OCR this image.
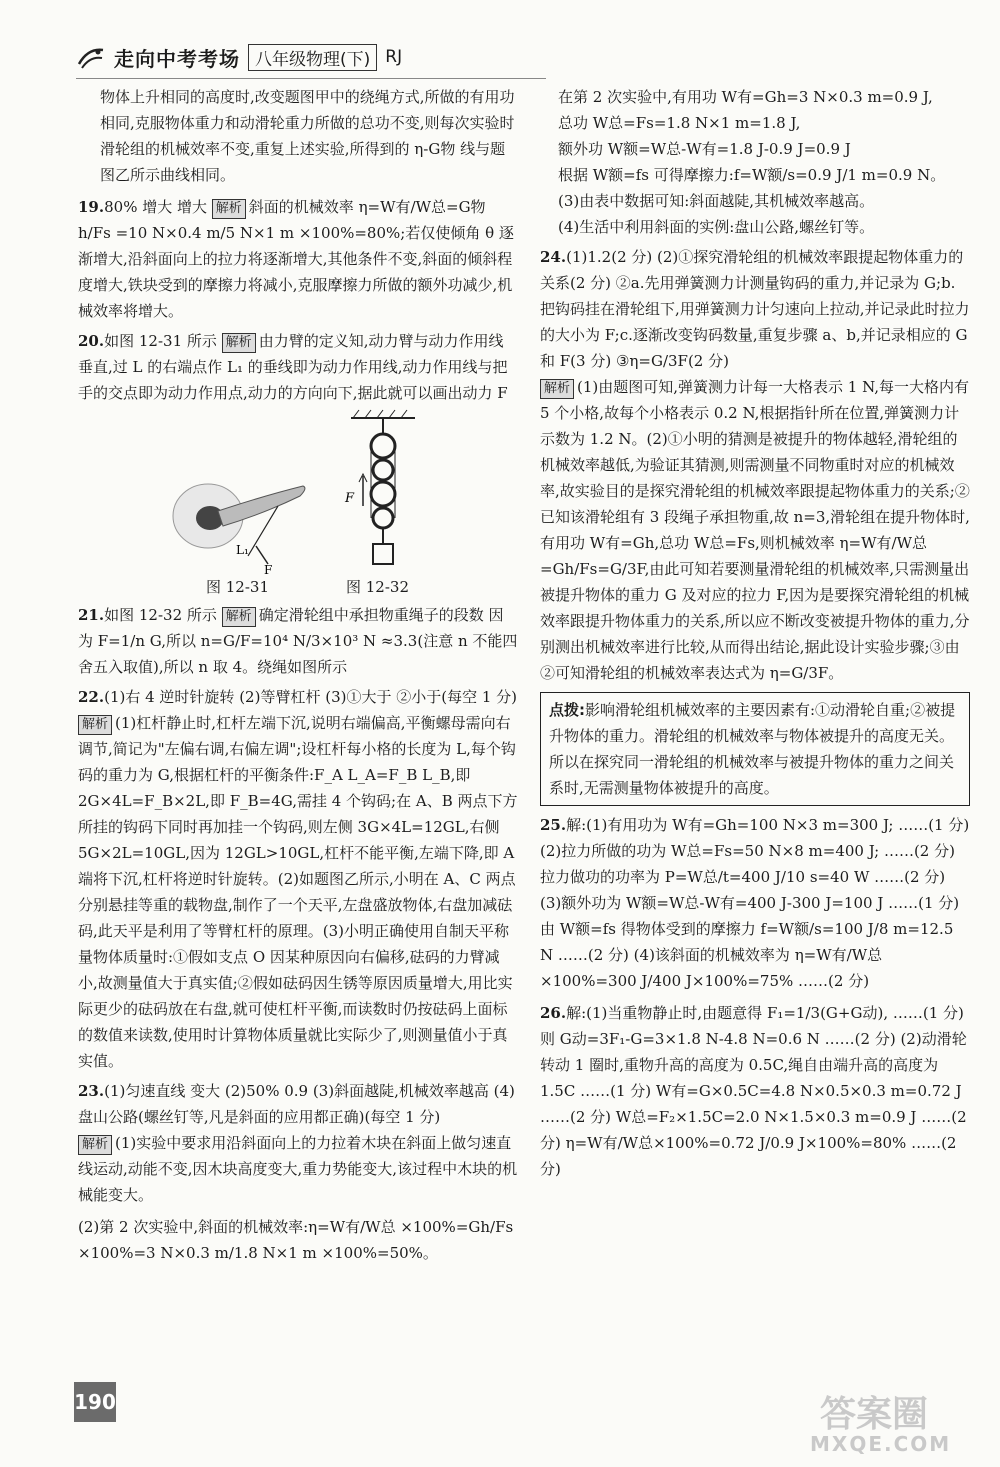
走向中考考场 八年级物理(下) RJ

物体上升相同的高度时,改变题图甲中的绕绳方式,所做的有用功相同,克服物体重力和动滑轮重力所做的总功不变,则每次实验时滑轮组的机械效率不变,重复上述实验,所得到的 η-G物 线与题图乙所示曲线相同。

19.80% 增大 增大 解析 斜面的机械效率 η=W有/W总=G物h/Fs =10 N×0.4 m/5 N×1 m ×100%=80%;若仅使倾角 θ 逐渐增大,沿斜面向上的拉力将逐渐增大,其他条件不变,斜面的倾斜程度增大,铁块受到的摩擦力将减小,克服摩擦力所做的额外功减少,机械效率将增大。

20.如图 12-31 所示 解析 由力臂的定义知,动力臂与动力作用线垂直,过 L 的右端点作 L₁ 的垂线即为动力作用线,动力作用线与把手的交点即为动力作用点,动力的方向向下,据此就可以画出动力 F

L₁
F
F
图 12-31	图 12-32

21.如图 12-32 所示 解析 确定滑轮组中承担物重绳子的段数 因为 F=1/n G,所以 n=G/F=10⁴ N/3×10³ N ≈3.3(注意 n 不能四舍五入取值),所以 n 取 4。绕绳如图所示

22.(1)右 4 逆时针旋转 (2)等臂杠杆 (3)①大于 ②小于(每空 1 分)
解析 (1)杠杆静止时,杠杆左端下沉,说明右端偏高,平衡螺母需向右调节,简记为"左偏右调,右偏左调";设杠杆每小格的长度为 L,每个钩码的重力为 G,根据杠杆的平衡条件:F_A L_A=F_B L_B,即 2G×4L=F_B×2L,即 F_B=4G,需挂 4 个钩码;在 A、B 两点下方所挂的钩码下同时再加挂一个钩码,则左侧 3G×4L=12GL,右侧 5G×2L=10GL,因为 12GL>10GL,杠杆不能平衡,左端下降,即 A 端将下沉,杠杆将逆时针旋转。(2)如题图乙所示,小明在 A、C 两点分别悬挂等重的载物盘,制作了一个天平,左盘盛放物体,右盘加减砝码,此天平是利用了等臂杠杆的原理。(3)小明正确使用自制天平称量物体质量时:①假如支点 O 因某种原因向右偏移,砝码的力臂减小,故测量值大于真实值;②假如砝码因生锈等原因质量增大,用比实际更少的砝码放在右盘,就可使杠杆平衡,而读数时仍按砝码上面标的数值来读数,使用时计算物体质量就比实际少了,则测量值小于真实值。

23.(1)匀速直线 变大 (2)50% 0.9 (3)斜面越陡,机械效率越高 (4)盘山公路(螺丝钉等,凡是斜面的应用都正确)(每空 1 分)
解析 (1)实验中要求用沿斜面向上的力拉着木块在斜面上做匀速直线运动,动能不变,因木块高度变大,重力势能变大,该过程中木块的机械能变大。

(2)第 2 次实验中,斜面的机械效率:η=W有/W总 ×100%=Gh/Fs ×100%=3 N×0.3 m/1.8 N×1 m ×100%=50%。

在第 2 次实验中,有用功 W有=Gh=3 N×0.3 m=0.9 J,

总功 W总=Fs=1.8 N×1 m=1.8 J,

额外功 W额=W总-W有=1.8 J-0.9 J=0.9 J

根据 W额=fs 可得摩擦力:f=W额/s=0.9 J/1 m=0.9 N。

(3)由表中数据可知:斜面越陡,其机械效率越高。

(4)生活中利用斜面的实例:盘山公路,螺丝钉等。

24.(1)1.2(2 分) (2)①探究滑轮组的机械效率跟提起物体重力的关系(2 分) ②a.先用弹簧测力计测量钩码的重力,并记录为 G;b.把钩码挂在滑轮组下,用弹簧测力计匀速向上拉动,并记录此时拉力的大小为 F;c.逐渐改变钩码数量,重复步骤 a、b,并记录相应的 G 和 F(3 分) ③η=G/3F(2 分)
解析 (1)由题图可知,弹簧测力计每一大格表示 1 N,每一大格内有 5 个小格,故每个小格表示 0.2 N,根据指针所在位置,弹簧测力计示数为 1.2 N。(2)①小明的猜测是被提升的物体越轻,滑轮组的机械效率越低,为验证其猜测,则需测量不同物重时对应的机械效率,故实验目的是探究滑轮组的机械效率跟提起物体重力的关系;②已知该滑轮组有 3 段绳子承担物重,故 n=3,滑轮组在提升物体时,有用功 W有=Gh,总功 W总=Fs,则机械效率 η=W有/W总=Gh/Fs=G/3F,由此可知若要测量滑轮组的机械效率,只需测量出被提升物体的重力 G 及对应的拉力 F,因为是要探究滑轮组的机械效率跟提升物体重力的关系,所以应不断改变被提升物体的重力,分别测出机械效率进行比较,从而得出结论,据此设计实验步骤;③由②可知滑轮组的机械效率表达式为 η=G/3F。

点拨:影响滑轮组机械效率的主要因素有:①动滑轮自重;②被提升物体的重力。滑轮组的机械效率与物体被提升的高度无关。所以在探究同一滑轮组的机械效率与被提升物体的重力之间关系时,无需测量物体被提升的高度。

25.解:(1)有用功为 W有=Gh=100 N×3 m=300 J; ……(1 分) (2)拉力所做的功为 W总=Fs=50 N×8 m=400 J; ……(2 分) 拉力做功的功率为 P=W总/t=400 J/10 s=40 W ……(2 分) (3)额外功为 W额=W总-W有=400 J-300 J=100 J ……(1 分) 由 W额=fs 得物体受到的摩擦力 f=W额/s=100 J/8 m=12.5 N ……(2 分) (4)该斜面的机械效率为 η=W有/W总×100%=300 J/400 J×100%=75% ……(2 分)

26.解:(1)当重物静止时,由题意得 F₁=1/3(G+G动), ……(1 分) 则 G动=3F₁-G=3×1.8 N-4.8 N=0.6 N ……(2 分) (2)动滑轮转动 1 圈时,重物升高的高度为 0.5C,绳自由端升高的高度为 1.5C ……(1 分) W有=G×0.5C=4.8 N×0.5×0.3 m=0.72 J ……(2 分) W总=F₂×1.5C=2.0 N×1.5×0.3 m=0.9 J ……(2 分) η=W有/W总×100%=0.72 J/0.9 J×100%=80% ……(2 分)

190	答案圈
MXQE.COM
